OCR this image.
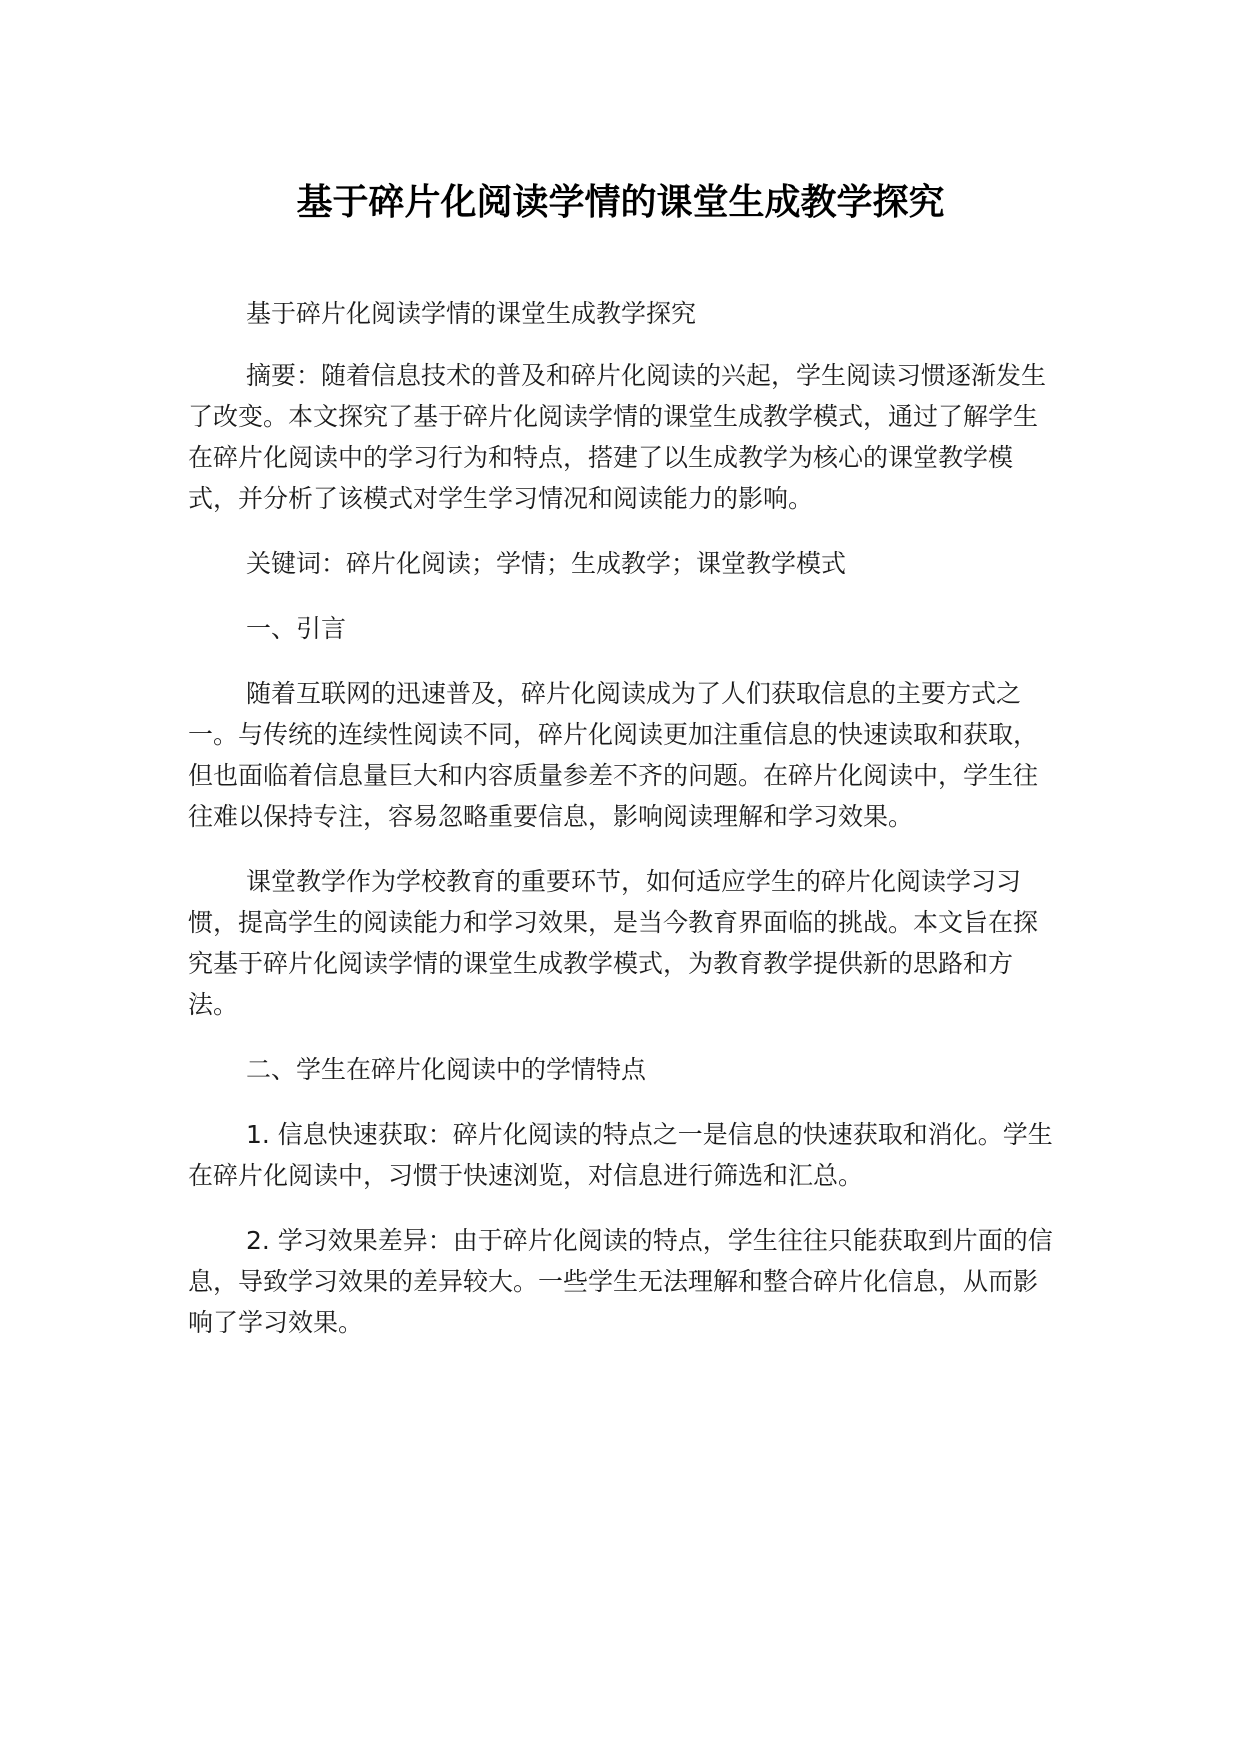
基于碎片化阅读学情的课堂生成教学探究

基于碎片化阅读学情的课堂生成教学探究

摘要：随着信息技术的普及和碎片化阅读的兴起，学生阅读习惯逐渐发生了改变。本文探究了基于碎片化阅读学情的课堂生成教学模式，通过了解学生在碎片化阅读中的学习行为和特点，搭建了以生成教学为核心的课堂教学模式，并分析了该模式对学生学习情况和阅读能力的影响。

关键词：碎片化阅读；学情；生成教学；课堂教学模式

一、引言

随着互联网的迅速普及，碎片化阅读成为了人们获取信息的主要方式之一。与传统的连续性阅读不同，碎片化阅读更加注重信息的快速读取和获取，但也面临着信息量巨大和内容质量参差不齐的问题。在碎片化阅读中，学生往往难以保持专注，容易忽略重要信息，影响阅读理解和学习效果。

课堂教学作为学校教育的重要环节，如何适应学生的碎片化阅读学习习惯，提高学生的阅读能力和学习效果，是当今教育界面临的挑战。本文旨在探究基于碎片化阅读学情的课堂生成教学模式，为教育教学提供新的思路和方法。

二、学生在碎片化阅读中的学情特点

1. 信息快速获取：碎片化阅读的特点之一是信息的快速获取和消化。学生在碎片化阅读中，习惯于快速浏览，对信息进行筛选和汇总。

2. 学习效果差异：由于碎片化阅读的特点，学生往往只能获取到片面的信息，导致学习效果的差异较大。一些学生无法理解和整合碎片化信息，从而影响了学习效果。
